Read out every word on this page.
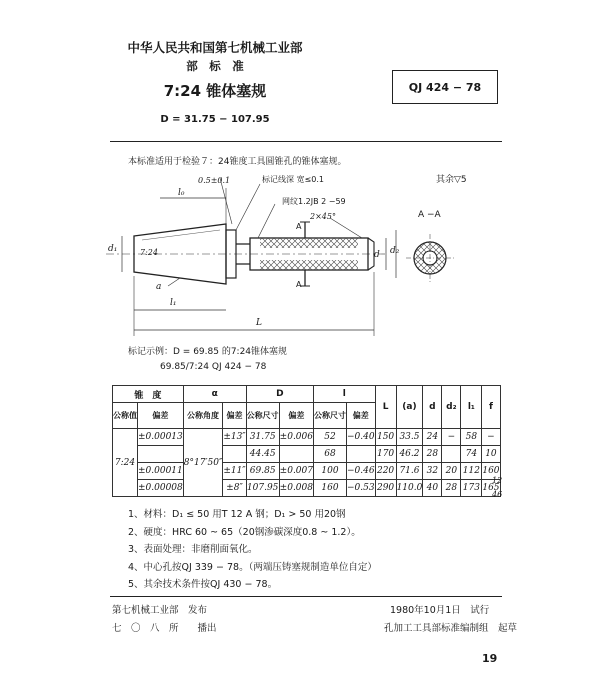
中华人民共和国第七机械工业部
部　标　准
7:24 锥体塞规
D = 31.75 − 107.95
QJ 424 − 78
本标准适用于检验７：24锥度工具圆锥孔的锥体塞规。
其余▽5
0.5±0.1	标记线深 宽≤0.1
网纹1.2JB 2 −59
2×45°	A −A
l₀
l₁
L
a
d₁
d d₂
A
A
7:24
标记示例：D = 69.85 的7:24锥体塞规
69.85/7:24 QJ 424 − 78
锥　度		α		D		l		L	(a)	d	d₂	l₁	f
公称值	偏差	公称角度	偏差	公称尺寸	偏差	公称尺寸	偏差						
7:24	±0.00013	8°17′50″	±13″	31.75	±0.006	52	−0.40	150	33.5	24	−	58	−
				44.45		68		170	46.2	28		74	10
	±0.00011		±11″	69.85	±0.007	100	−0.46	220	71.6	32	20	112	160
	±0.00008		±8″	107.95	±0.008	160	−0.53	290	110.0	40	28	173	165
12
46
1、材料：D₁ ≤ 50 用T 12 A 钢；D₁ > 50 用20钢
2、硬度：HRC 60 ~ 65（20钢渗碳深度0.8 ~ 1.2）。
3、表面处理：非磨削面氧化。
4、中心孔按QJ 339 − 78。（两端压铸塞规制造单位自定）
5、其余技术条件按QJ 430 − 78。
第七机械工业部　发布
七　〇　八　所　　播出
1980年10月1日　试行
孔加工工具部标准编制组　起草
19
